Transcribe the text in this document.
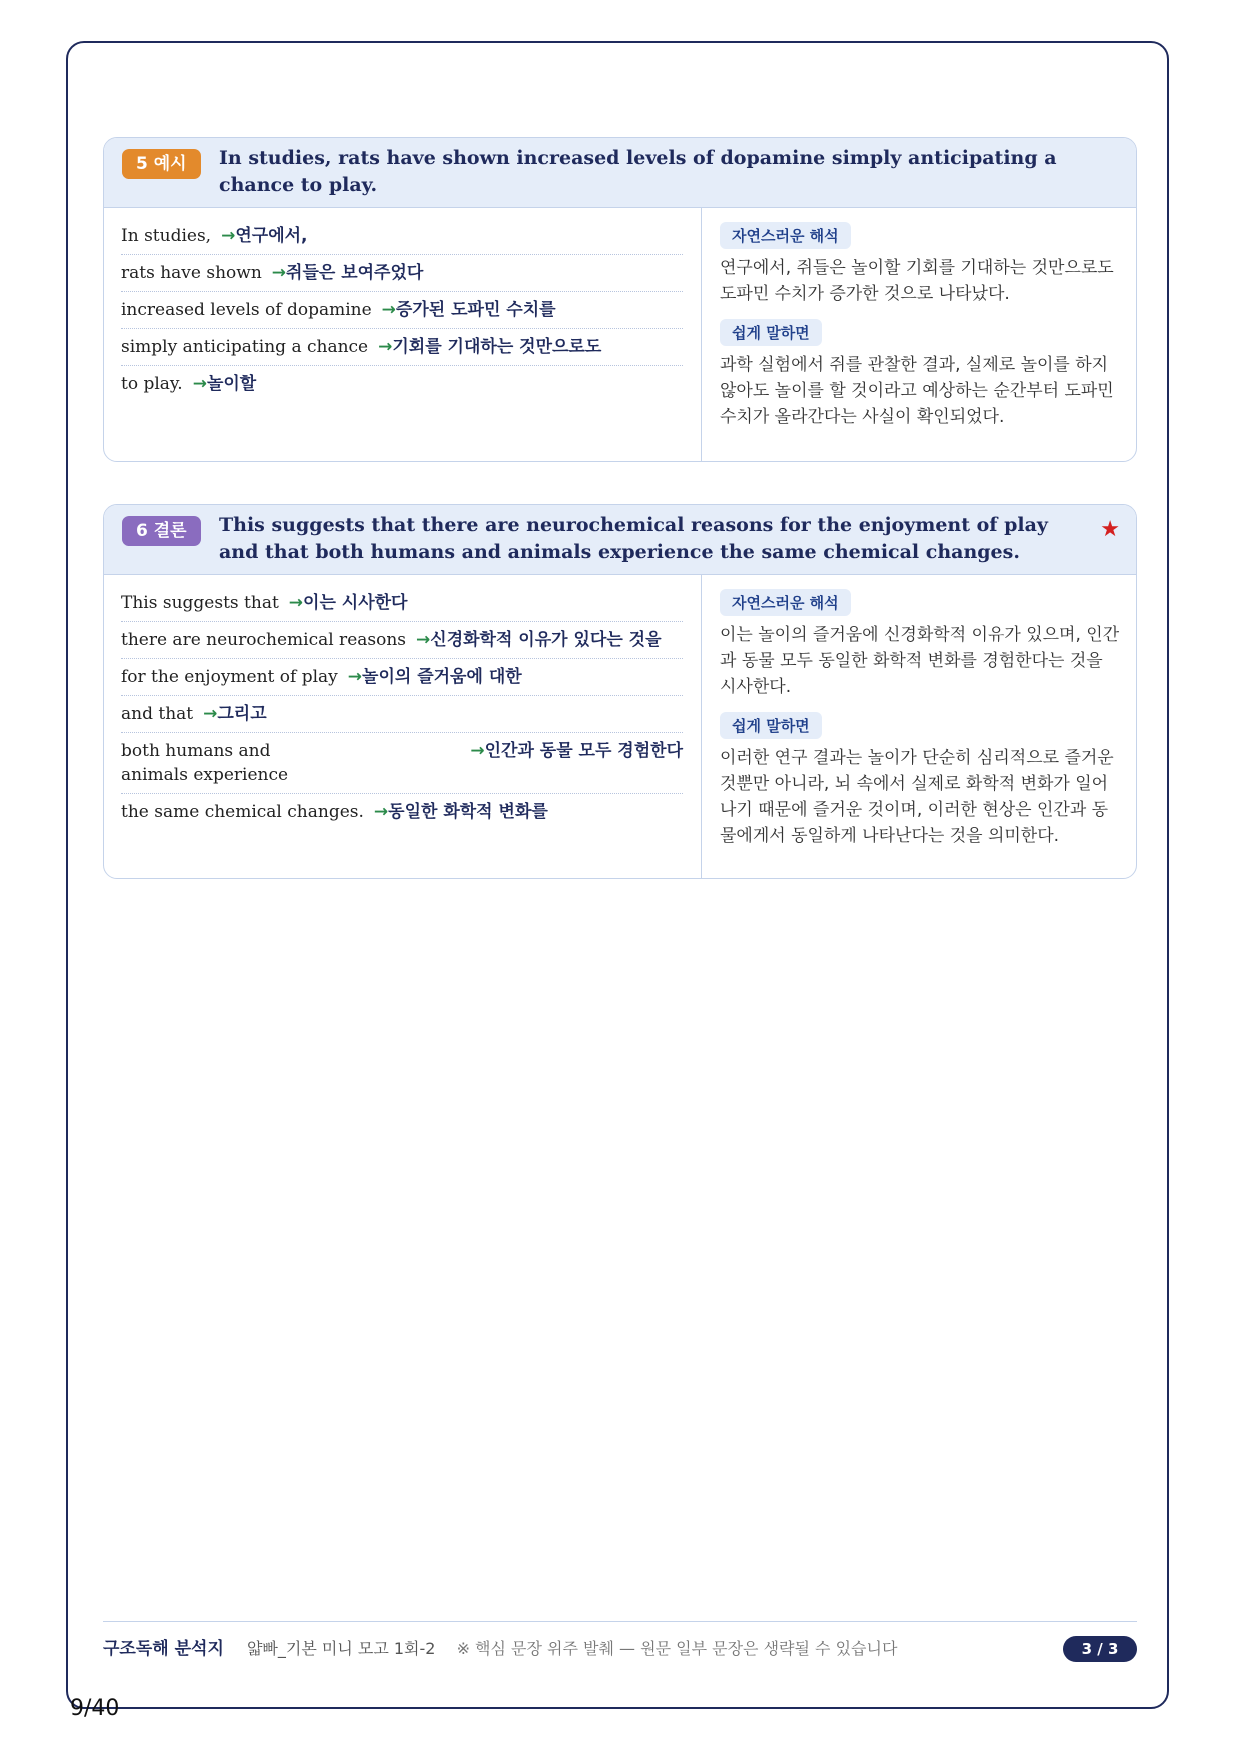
5 예시	In studies, rats have shown increased levels of dopamine simply anticipating a chance to play.
In studies, →연구에서,
rats have shown →쥐들은 보여주었다
increased levels of dopamine →증가된 도파민 수치를
simply anticipating a chance →기회를 기대하는 것만으로도
to play. →놀이할
자연스러운 해석

연구에서, 쥐들은 놀이할 기회를 기대하는 것만으로도 도파민 수치가 증가한 것으로 나타났다.

쉽게 말하면

과학 실험에서 쥐를 관찰한 결과, 실제로 놀이를 하지 않아도 놀이를 할 것이라고 예상하는 순간부터 도파민 수치가 올라간다는 사실이 확인되었다.

6 결론	This suggests that there are neurochemical reasons for the enjoyment of play and that both humans and animals experience the same chemical changes.
★
This suggests that →이는 시사한다
there are neurochemical reasons →신경화학적 이유가 있다는 것을
for the enjoyment of play →놀이의 즐거움에 대한
and that →그리고
both humans and animals experience
→인간과 동물 모두 경험한다
the same chemical changes. →동일한 화학적 변화를
자연스러운 해석

이는 놀이의 즐거움에 신경화학적 이유가 있으며, 인간과 동물 모두 동일한 화학적 변화를 경험한다는 것을 시사한다.

쉽게 말하면

이러한 연구 결과는 놀이가 단순히 심리적으로 즐거운 것뿐만 아니라, 뇌 속에서 실제로 화학적 변화가 일어나기 때문에 즐거운 것이며, 이러한 현상은 인간과 동물에게서 동일하게 나타난다는 것을 의미한다.

구조독해 분석지 얇빠_기본 미니 모고 1회-2 ※ 핵심 문장 위주 발췌 — 원문 일부 문장은 생략될 수 있습니다	3 / 3
9/40
